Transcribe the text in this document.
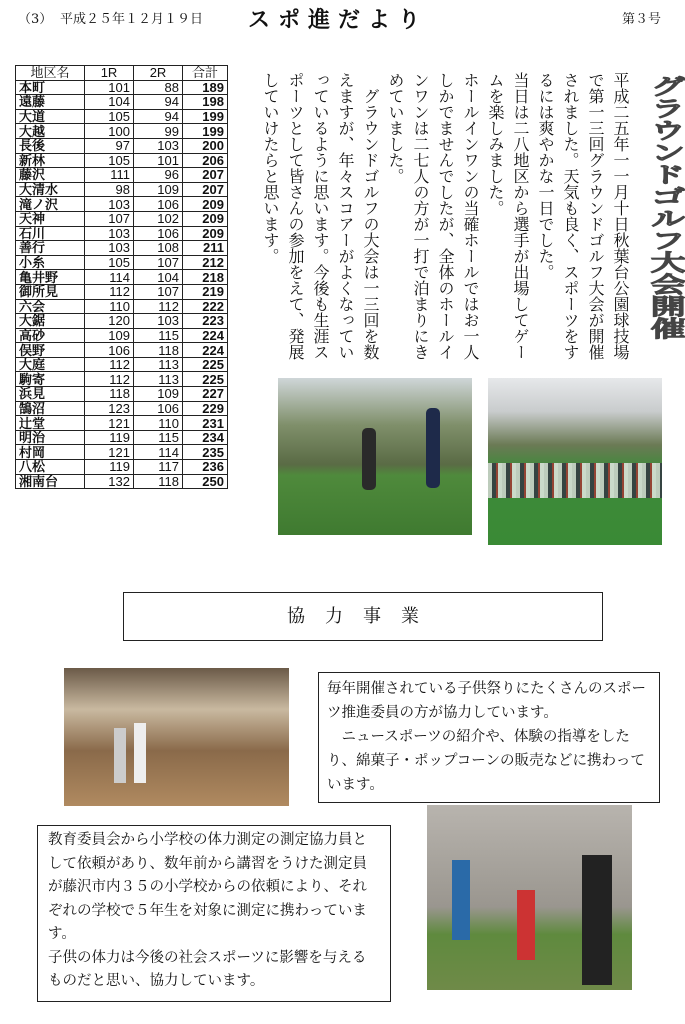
（3） 平成２５年１２月１９日 スポ進だより	第３号
地区名	1R	2R	合計
本町	101	88	189
遠藤	104	94	198
大道	105	94	199
大越	100	99	199
長後	97	103	200
新林	105	101	206
藤沢	111	96	207
大清水	98	109	207
滝ノ沢	103	106	209
天神	107	102	209
石川	103	106	209
善行	103	108	211
小糸	105	107	212
亀井野	114	104	218
御所見	112	107	219
六会	110	112	222
大鋸	120	103	223
高砂	109	115	224
俣野	106	118	224
大庭	112	113	225
駒寄	112	113	225
浜見	118	109	227
鵠沼	123	106	229
辻堂	121	110	231
明治	119	115	234
村岡	121	114	235
八松	119	117	236
湘南台	132	118	250
グラウンドゴルフ大会開催

平成二五年一一月十日秋葉台公園球技場

で第一三回グラウンドゴルフ大会が開催

されました。天気も良く、スポーツをす

るには爽やかな一日でした。

当日は二八地区から選手が出場してゲー

ムを楽しみました。

ホールインワンの当確ホールではお一人

しかでませんでしたが、全体のホールイ

ンワンは二七人の方が一打で泊まりにき

めていました。

　グラウンドゴルフの大会は一三回を数

えますが、年々スコアーがよくなってい

っているように思います。今後も生涯ス

ポーツとして皆さんの参加をえて、発展

していけたらと思います。

協力事業
毎年開催されている子供祭りにたくさんのスポーツ推進委員の方が協力しています。
　ニュースポーツの紹介や、体験の指導をしたり、綿菓子・ポップコーンの販売などに携わっています。
教育委員会から小学校の体力測定の測定協力員として依頼があり、数年前から講習をうけた測定員が藤沢市内３５の小学校からの依頼により、それぞれの学校で５年生を対象に測定に携わっています。
子供の体力は今後の社会スポーツに影響を与えるものだと思い、協力しています。
